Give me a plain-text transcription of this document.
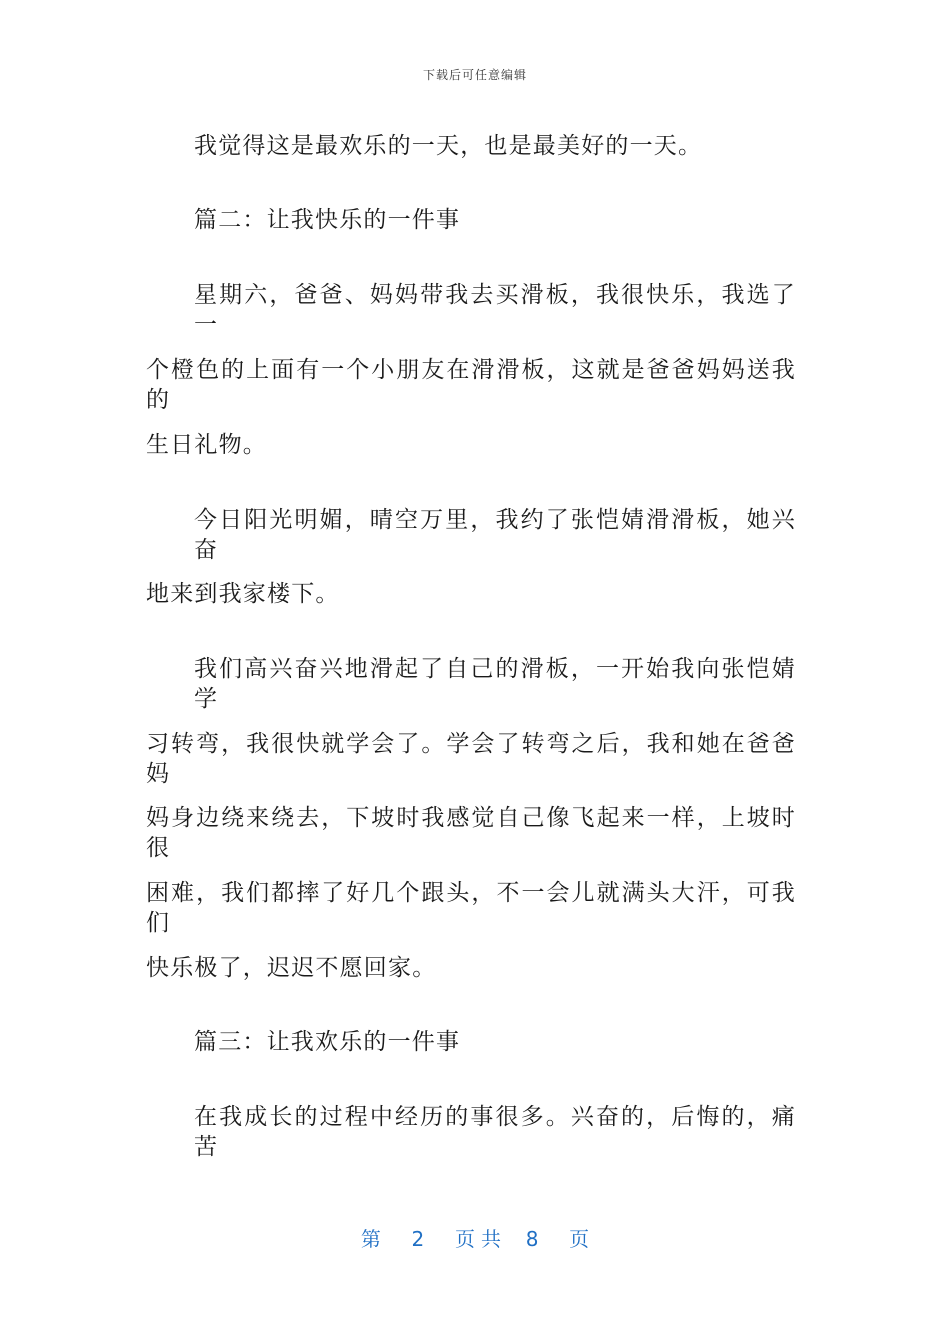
下载后可任意编辑
我觉得这是最欢乐的一天，也是最美好的一天。
篇二：让我快乐的一件事
星期六，爸爸、妈妈带我去买滑板，我很快乐，我选了一
个橙色的上面有一个小朋友在滑滑板，这就是爸爸妈妈送我的
生日礼物。
今日阳光明媚，晴空万里，我约了张恺婧滑滑板，她兴奋
地来到我家楼下。
我们高兴奋兴地滑起了自己的滑板，一开始我向张恺婧学
习转弯，我很快就学会了。学会了转弯之后，我和她在爸爸妈
妈身边绕来绕去，下坡时我感觉自己像飞起来一样，上坡时很
困难，我们都摔了好几个跟头，不一会儿就满头大汗，可我们
快乐极了，迟迟不愿回家。
篇三：让我欢乐的一件事
在我成长的过程中经历的事很多。兴奋的，后悔的，痛苦
第 2 页共 8 页
